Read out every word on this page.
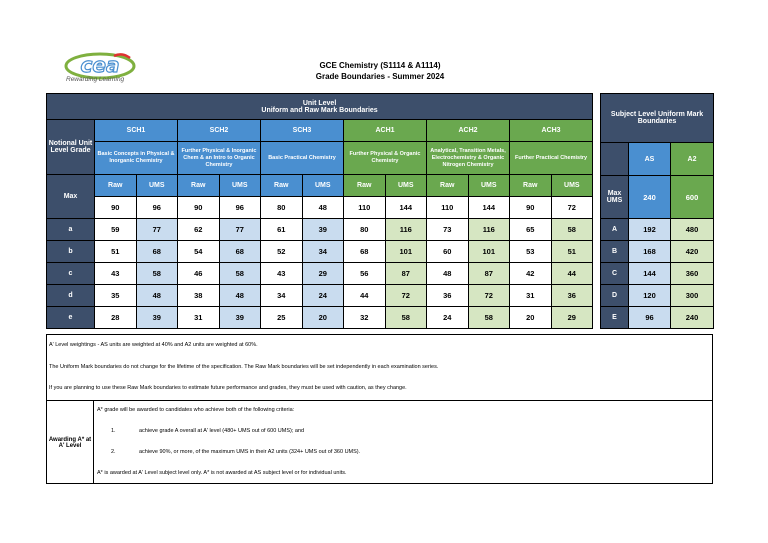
cea
Rewarding Learning
GCE Chemistry (S1114 & A1114)
Grade Boundaries - Summer 2024
Unit Level
Uniform and Raw Mark Boundaries												

Notional Unit Level Grade	SCH1		SCH2		SCH3		ACH1		ACH2		ACH3	
	Basic Concepts in Physical & Inorganic Chemistry		Further Physical & Inorganic Chem & an Intro to Organic Chemistry		Basic Practical Chemistry		Further Physical & Organic Chemistry		Analytical, Transition Metals, Electrochemistry & Organic Nitrogen Chemistry		Further Practical Chemistry	
Max	Raw	UMS	Raw	UMS	Raw	UMS	Raw	UMS	Raw	UMS	Raw	UMS
	90	96	90	96	80	48	110	144	110	144	90	72
a	59	77	62	77	61	39	80	116	73	116	65	58
b	51	68	54	68	52	34	68	101	60	101	53	51
c	43	58	46	58	43	29	56	87	48	87	42	44
d	35	48	38	48	34	24	44	72	36	72	31	36
e	28	39	31	39	25	20	32	58	24	58	20	29
Subject Level Uniform Mark Boundaries		
	AS	A2
Max UMS	240	600
A	192	480
B	168	420
C	144	360
D	120	300
E	96	240
A' Level weightings - AS units are weighted at 40% and A2 units are weighted at 60%.
The Uniform Mark boundaries do not change for the lifetime of the specification. The Raw Mark boundaries will be set independently in each examination series.
If you are planning to use these Raw Mark boundaries to estimate future performance and grades, they must be used with caution, as they change.
Awarding A* at A' Level
A* grade will be awarded to candidates who achieve both of the following criteria:
1.	achieve grade A overall at A' level (480+ UMS out of 600 UMS); and
2.	achieve 90%, or more, of the maximum UMS in their A2 units (324+ UMS out of 360 UMS).
A* is awarded at A' Level subject level only. A* is not awarded at AS subject level or for individual units.
